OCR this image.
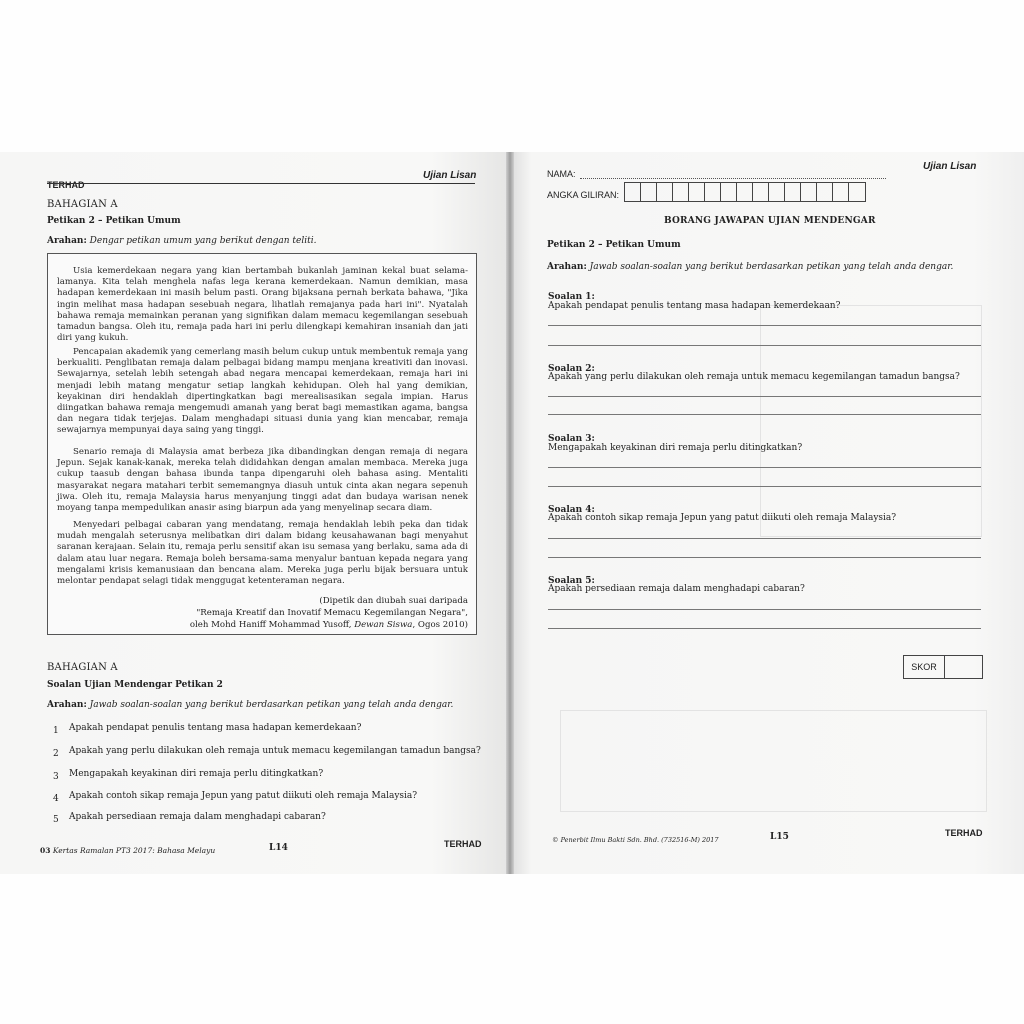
TERHAD
Ujian Lisan
BAHAGIAN A
Petikan 2 – Petikan Umum
Arahan: Dengar petikan umum yang berikut dengan teliti.
Usia kemerdekaan negara yang kian bertambah bukanlah jaminan kekal buat selama-lamanya. Kita telah menghela nafas lega kerana kemerdekaan. Namun demikian, masa hadapan kemerdekaan ini masih belum pasti. Orang bijaksana pernah berkata bahawa, "Jika ingin melihat masa hadapan sesebuah negara, lihatlah remajanya pada hari ini". Nyatalah bahawa remaja memainkan peranan yang signifikan dalam memacu kegemilangan sesebuah tamadun bangsa. Oleh itu, remaja pada hari ini perlu dilengkapi kemahiran insaniah dan jati diri yang kukuh.
Pencapaian akademik yang cemerlang masih belum cukup untuk membentuk remaja yang berkualiti. Penglibatan remaja dalam pelbagai bidang mampu menjana kreativiti dan inovasi. Sewajarnya, setelah lebih setengah abad negara mencapai kemerdekaan, remaja hari ini menjadi lebih matang mengatur setiap langkah kehidupan. Oleh hal yang demikian, keyakinan diri hendaklah dipertingkatkan bagi merealisasikan segala impian. Harus diingatkan bahawa remaja mengemudi amanah yang berat bagi memastikan agama, bangsa dan negara tidak terjejas. Dalam menghadapi situasi dunia yang kian mencabar, remaja sewajarnya mempunyai daya saing yang tinggi.
Senario remaja di Malaysia amat berbeza jika dibandingkan dengan remaja di negara Jepun. Sejak kanak-kanak, mereka telah dididahkan dengan amalan membaca. Mereka juga cukup taasub dengan bahasa ibunda tanpa dipengaruhi oleh bahasa asing. Mentaliti masyarakat negara matahari terbit sememangnya diasuh untuk cinta akan negara sepenuh jiwa. Oleh itu, remaja Malaysia harus menyanjung tinggi adat dan budaya warisan nenek moyang tanpa mempedulikan anasir asing biarpun ada yang menyelinap secara diam.
Menyedari pelbagai cabaran yang mendatang, remaja hendaklah lebih peka dan tidak mudah mengalah seterusnya melibatkan diri dalam bidang keusahawanan bagi menyahut saranan kerajaan. Selain itu, remaja perlu sensitif akan isu semasa yang berlaku, sama ada di dalam atau luar negara. Remaja boleh bersama-sama menyalur bantuan kepada negara yang mengalami krisis kemanusiaan dan bencana alam. Mereka juga perlu bijak bersuara untuk melontar pendapat selagi tidak menggugat ketenteraman negara.
(Dipetik dan diubah suai daripada
"Remaja Kreatif dan Inovatif Memacu Kegemilangan Negara",
oleh Mohd Haniff Mohammad Yusoff, Dewan Siswa, Ogos 2010)
BAHAGIAN A
Soalan Ujian Mendengar Petikan 2
Arahan: Jawab soalan-soalan yang berikut berdasarkan petikan yang telah anda dengar.
1 Apakah pendapat penulis tentang masa hadapan kemerdekaan?
2 Apakah yang perlu dilakukan oleh remaja untuk memacu kegemilangan tamadun bangsa?
3 Mengapakah keyakinan diri remaja perlu ditingkatkan?
4 Apakah contoh sikap remaja Jepun yang patut diikuti oleh remaja Malaysia?
5 Apakah persediaan remaja dalam menghadapi cabaran?
03 Kertas Ramalan PT3 2017: Bahasa Melayu	L14	TERHAD
NAMA:
Ujian Lisan
ANGKA GILIRAN:
BORANG JAWAPAN UJIAN MENDENGAR
Petikan 2 – Petikan Umum
Arahan: Jawab soalan-soalan yang berikut berdasarkan petikan yang telah anda dengar.
Soalan 1:
Apakah pendapat penulis tentang masa hadapan kemerdekaan?
Soalan 2:
Apakah yang perlu dilakukan oleh remaja untuk memacu kegemilangan tamadun bangsa?
Soalan 3:
Mengapakah keyakinan diri remaja perlu ditingkatkan?
Soalan 4:
Apakah contoh sikap remaja Jepun yang patut diikuti oleh remaja Malaysia?
Soalan 5:
Apakah persediaan remaja dalam menghadapi cabaran?
SKOR
© Penerbit Ilmu Bakti Sdn. Bhd. (732516-M) 2017	L15	TERHAD
